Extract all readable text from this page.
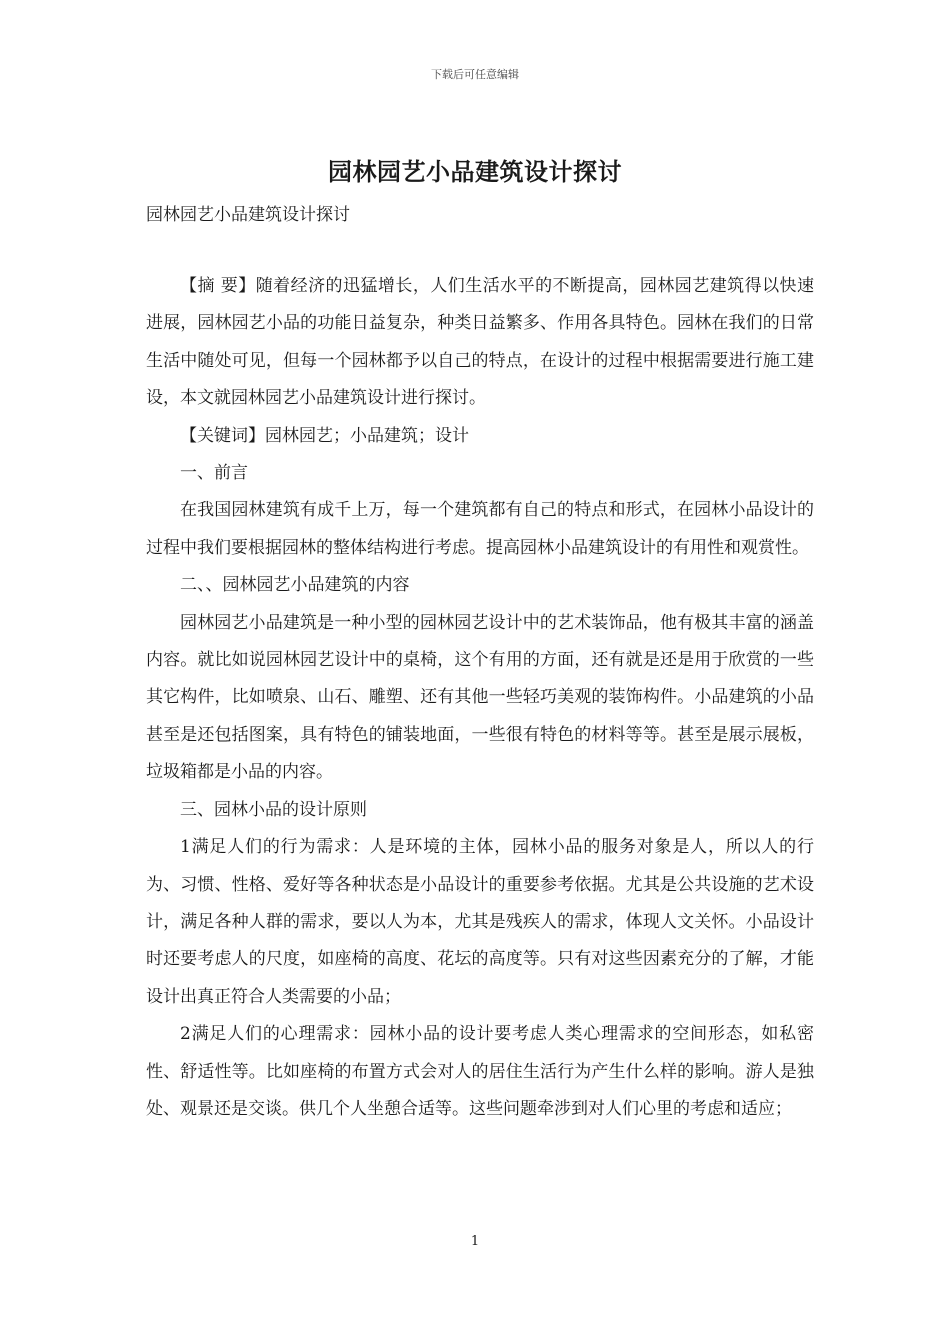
下载后可任意编辑
园林园艺小品建筑设计探讨
园林园艺小品建筑设计探讨

【摘 要】随着经济的迅猛增长，人们生活水平的不断提高，园林园艺建筑得以快速进展，园林园艺小品的功能日益复杂，种类日益繁多、作用各具特色。园林在我们的日常生活中随处可见，但每一个园林都予以自己的特点，在设计的过程中根据需要进行施工建设，本文就园林园艺小品建筑设计进行探讨。

【关键词】园林园艺；小品建筑；设计

一、前言

在我国园林建筑有成千上万，每一个建筑都有自己的特点和形式，在园林小品设计的过程中我们要根据园林的整体结构进行考虑。提高园林小品建筑设计的有用性和观赏性。

二、、园林园艺小品建筑的内容

园林园艺小品建筑是一种小型的园林园艺设计中的艺术装饰品，他有极其丰富的涵盖内容。就比如说园林园艺设计中的桌椅，这个有用的方面，还有就是还是用于欣赏的一些其它构件，比如喷泉、山石、雕塑、还有其他一些轻巧美观的装饰构件。小品建筑的小品甚至是还包括图案，具有特色的铺装地面，一些很有特色的材料等等。甚至是展示展板，垃圾箱都是小品的内容。

三、园林小品的设计原则

1满足人们的行为需求：人是环境的主体，园林小品的服务对象是人，所以人的行为、习惯、性格、爱好等各种状态是小品设计的重要参考依据。尤其是公共设施的艺术设计，满足各种人群的需求，要以人为本，尤其是残疾人的需求，体现人文关怀。小品设计时还要考虑人的尺度，如座椅的高度、花坛的高度等。只有对这些因素充分的了解，才能设计出真正符合人类需要的小品；

2满足人们的心理需求：园林小品的设计要考虑人类心理需求的空间形态，如私密性、舒适性等。比如座椅的布置方式会对人的居住生活行为产生什么样的影响。游人是独处、观景还是交谈。供几个人坐憩合适等。这些问题牵涉到对人们心里的考虑和适应；

1
